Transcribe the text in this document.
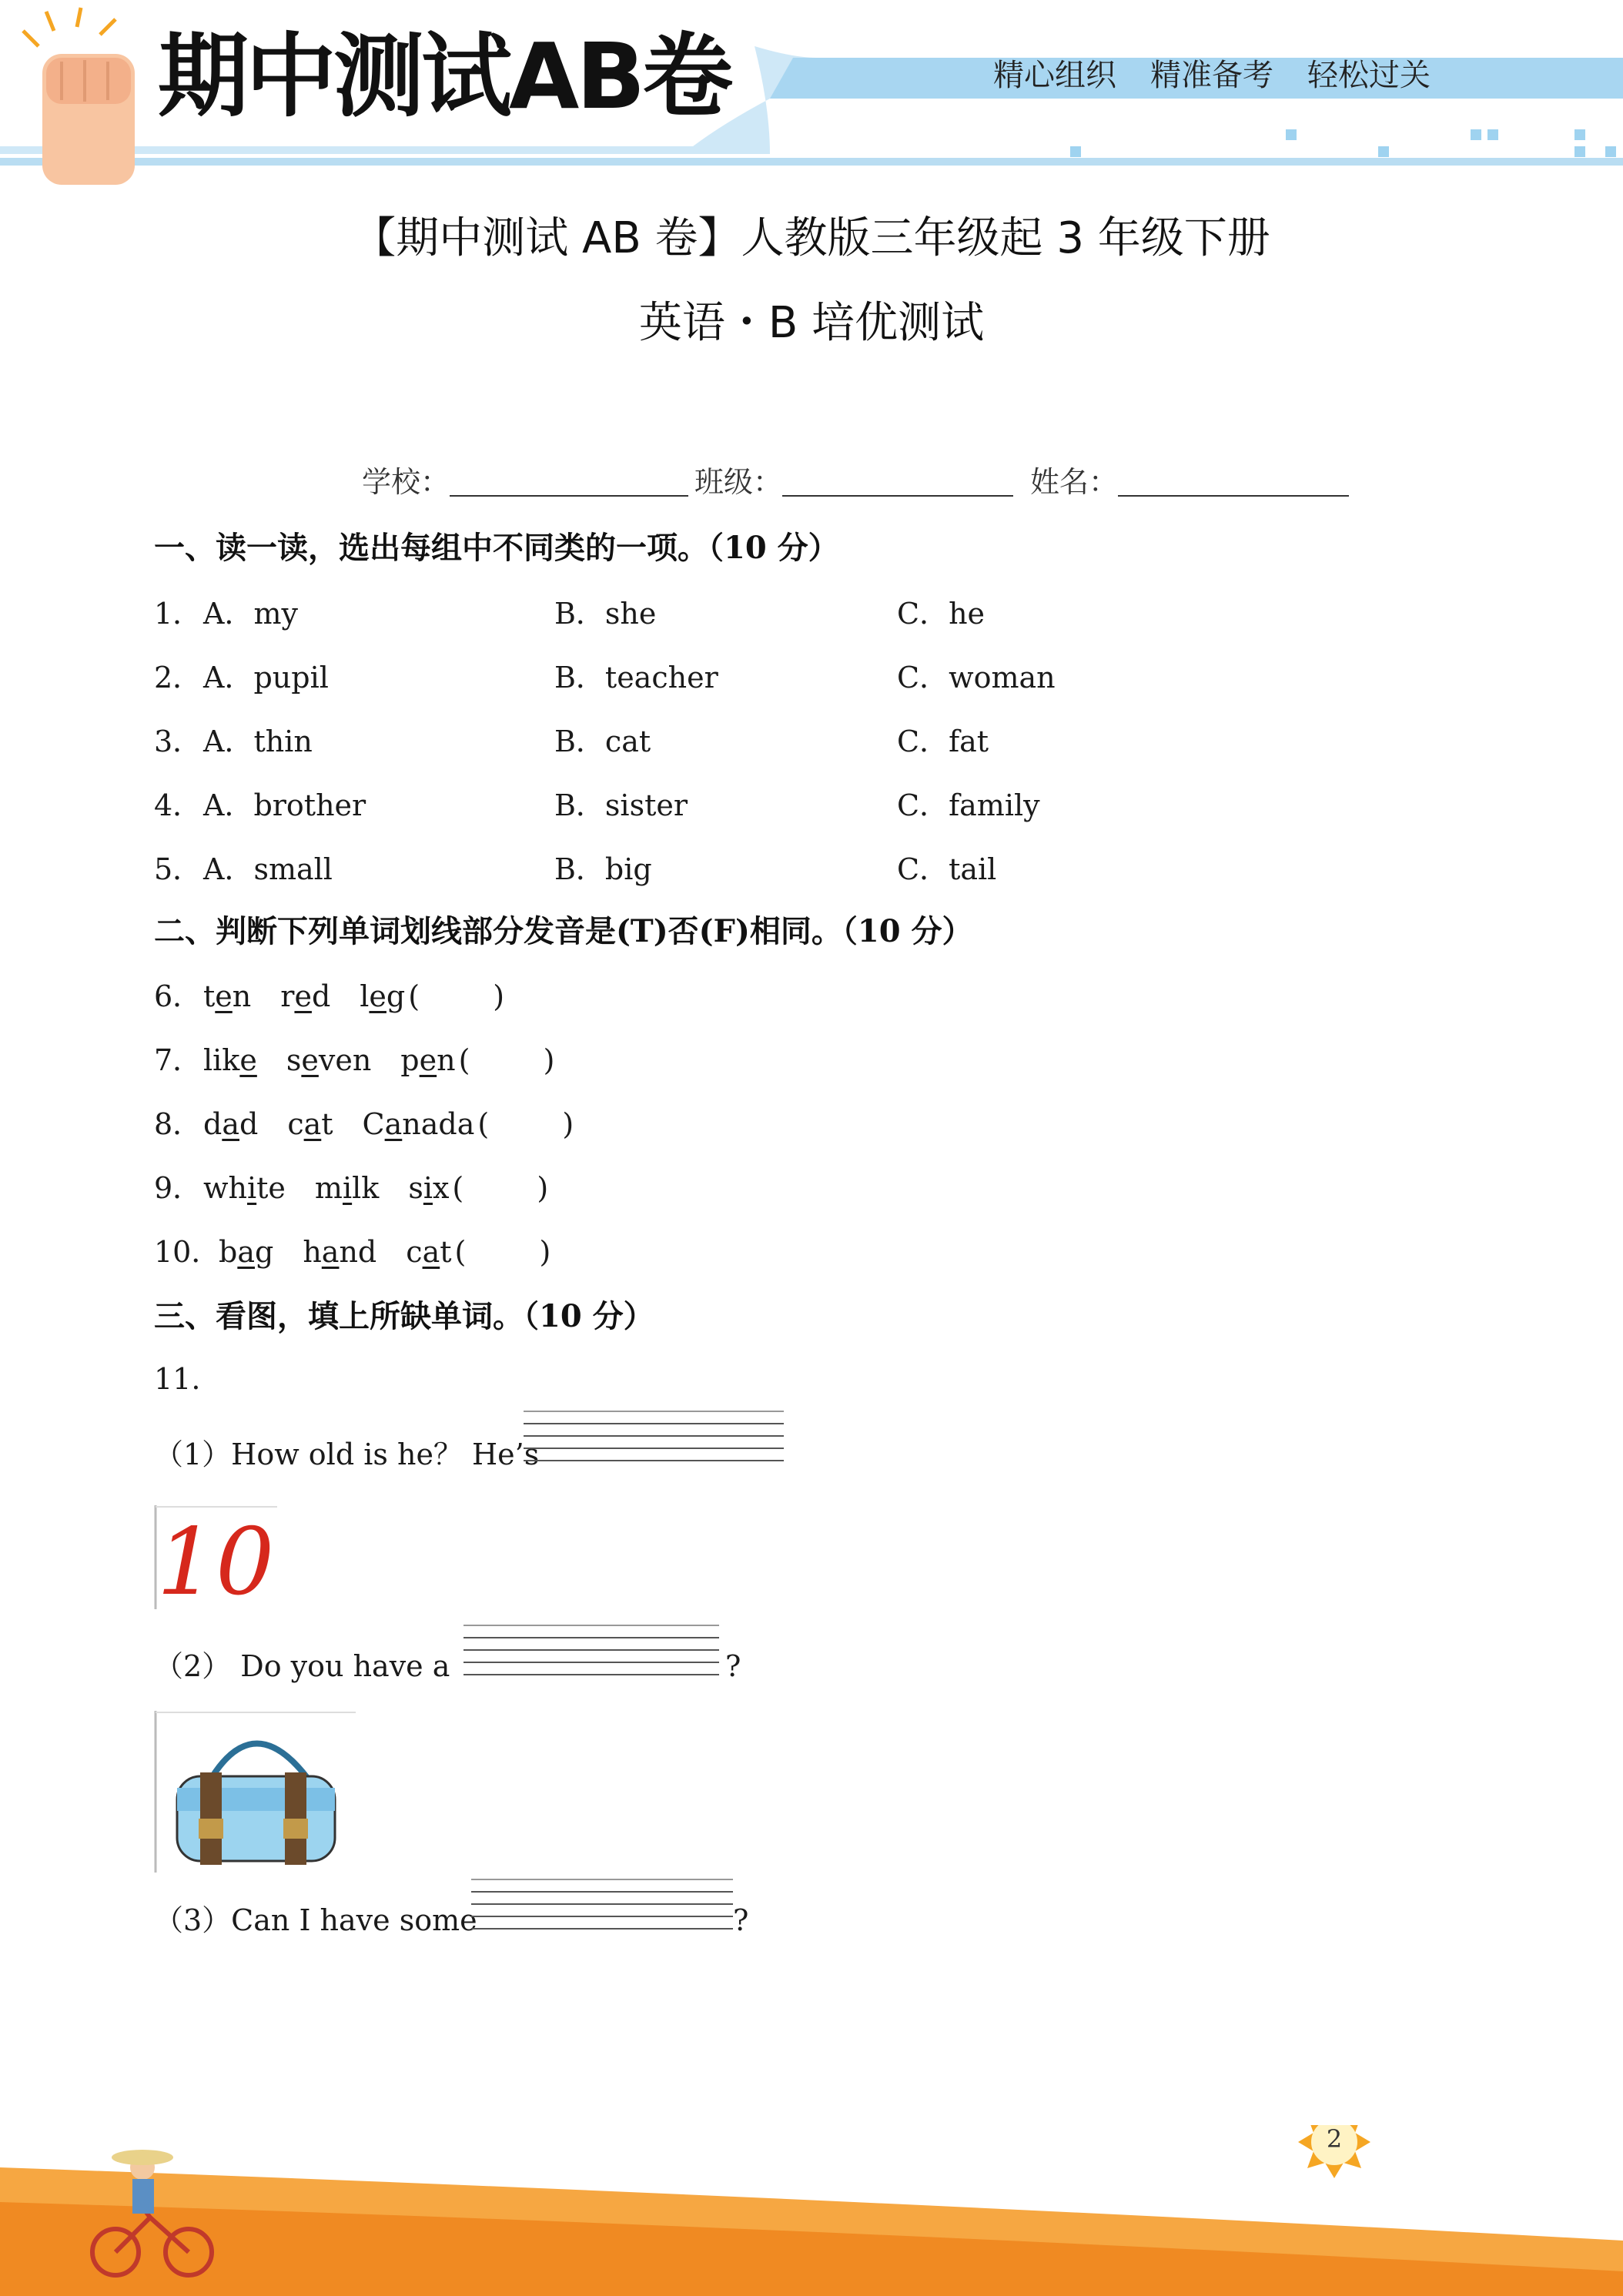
期中测试AB卷	精心组织 精准备考 轻松过关
【期中测试 AB 卷】人教版三年级起 3 年级下册
英语・B 培优测试
学校：	班级：	姓名：
一、读一读，选出每组中不同类的一项。（10 分）
1． A．my	B．she	C．he
2． A．pupil	B．teacher	C．woman
3． A．thin	B．cat	C．fat
4． A．brother	B．sister	C．family
5． A．small	B．big	C．tail
二、判断下列单词划线部分发音是(T)否(F)相同。（10 分）
6．ten red leg (	)
7．like seven pen (	)
8．dad cat Canada (	)
9．white milk six (	)
10．bag hand cat (	)
三、看图，填上所缺单词。（10 分）
11.
（1）How old is he？ He’s
10
（2） Do you have a	?
（3）Can I have some	?
2
